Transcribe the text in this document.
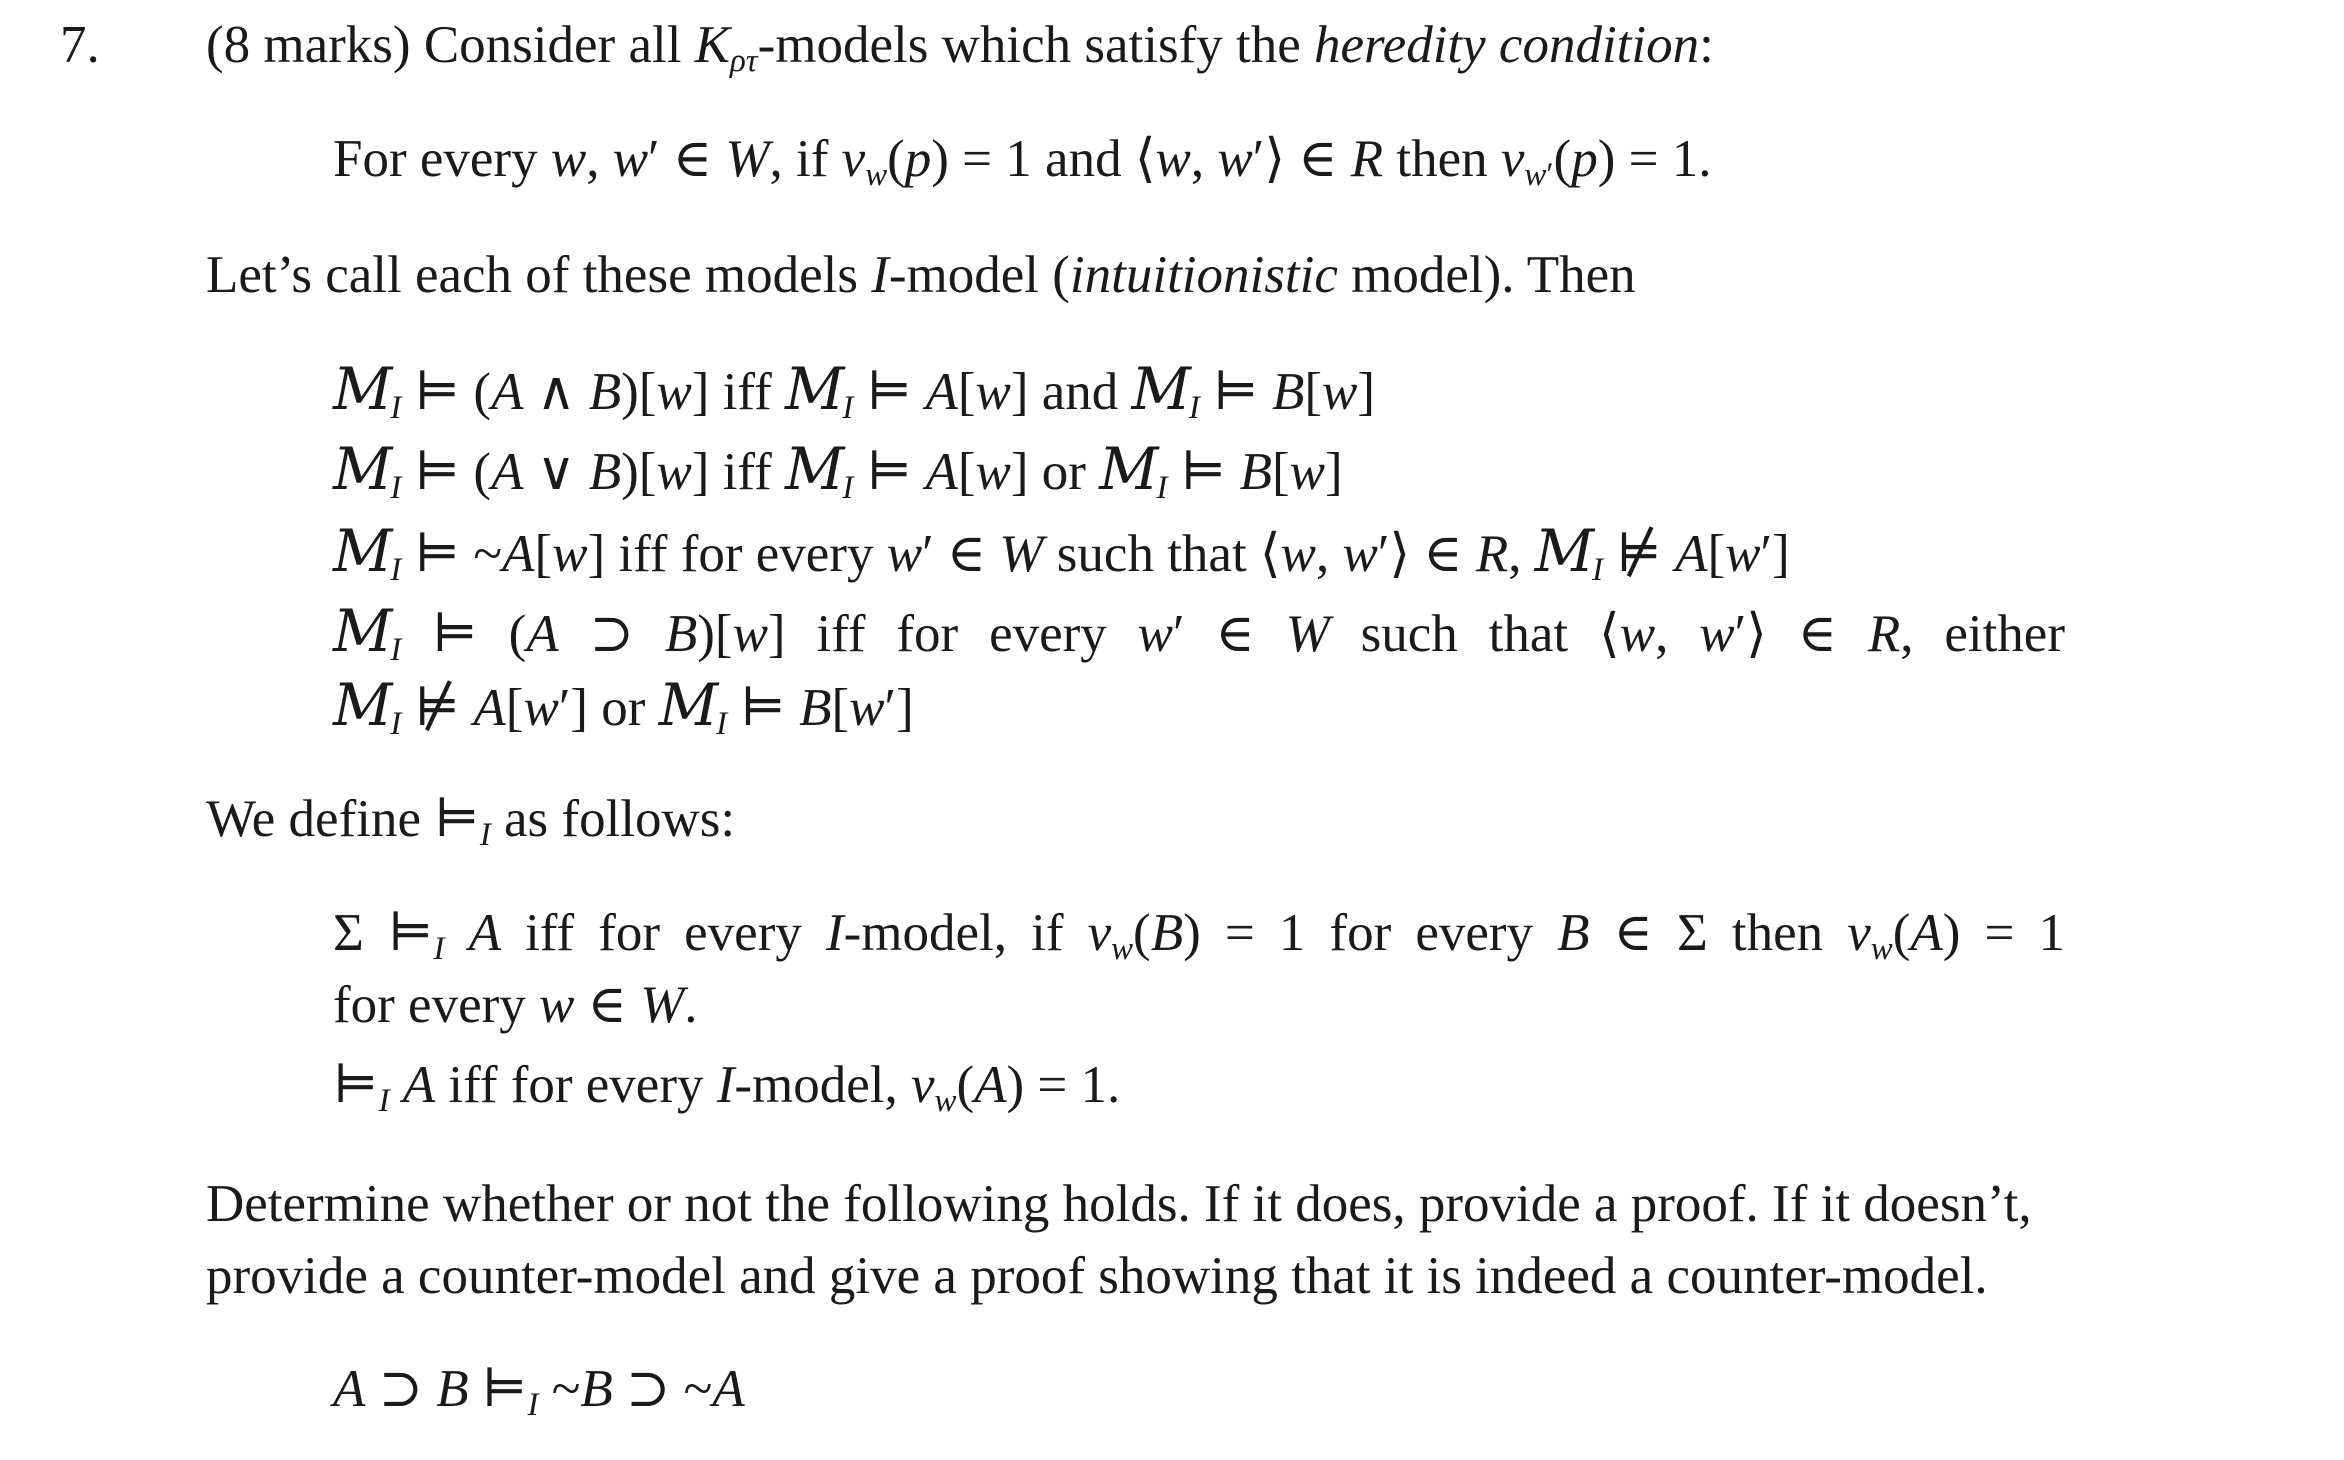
7. (8 marks) Consider all $K_{\rho\tau}$-models which satisfy the heredity condition:
For every w, w′ ∈ W, if $v_w(p) = 1$ and ⟨w, w′⟩ ∈ R then $v_{w'}(p) = 1$.
Let’s call each of these models I-model (intuitionistic model). Then
$M_I$ ⊨ (A ∧ B)[w] iff $M_I$ ⊨ A[w] and $M_I$ ⊨ B[w]
$M_I$ ⊨ (A ∨ B)[w] iff $M_I$ ⊨ A[w] or $M_I$ ⊨ B[w]
$M_I$ ⊨ ~A[w] iff for every w′ ∈ W such that ⟨w, w′⟩ ∈ R, $M_I$ ⊭ A[w′]
$M_I$ ⊨ (A ⊃ B)[w] iff for every w′ ∈ W such that ⟨w, w′⟩ ∈ R, either
$M_I$ ⊭ A[w′] or $M_I$ ⊨ B[w′]
We define $⊨_I$ as follows:
Σ $⊨_I$ A iff for every I-model, if $v_w(B) = 1$ for every B ∈ Σ then $v_w(A) = 1$
for every w ∈ W.
$⊨_I$ A iff for every I-model, $v_w(A) = 1$.
Determine whether or not the following holds. If it does, provide a proof. If it doesn’t, provide a counter-model and give a proof showing that it is indeed a counter-model.
A ⊃ B $⊨_I$ ~B ⊃ ~A
